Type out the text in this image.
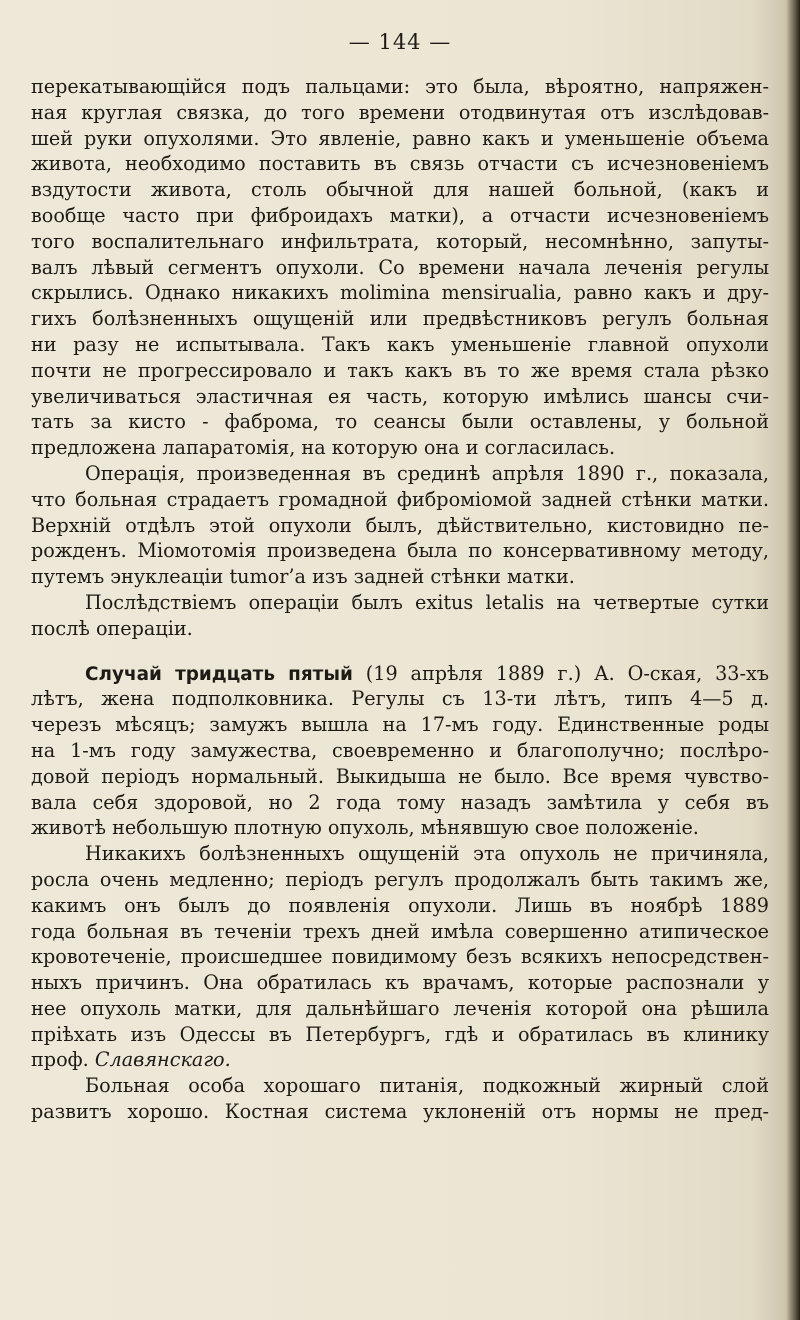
— 144 —
перекатывающійся подъ пальцами: это была, вѣроятно, напряжен-
ная круглая связка, до того времени отодвинутая отъ изслѣдовав-
шей руки опухолями. Это явленіе, равно какъ и уменьшеніе объема
живота, необходимо поставить въ связь отчасти съ исчезновеніемъ
вздутости живота, столь обычной для нашей больной, (какъ и
вообще часто при фиброидахъ матки), а отчасти исчезновеніемъ
того воспалительнаго инфильтрата, который, несомнѣнно, запуты-
валъ лѣвый сегментъ опухоли. Со времени начала леченія регулы
скрылись. Однако никакихъ molimina mensirualia, равно какъ и дру-
гихъ болѣзненныхъ ощущеній или предвѣстниковъ регулъ больная
ни разу не испытывала. Такъ какъ уменьшеніе главной опухоли
почти не прогрессировало и такъ какъ въ то же время стала рѣзко
увеличиваться эластичная ея часть, которую имѣлись шансы счи-
тать за кисто - фаброма, то сеансы были оставлены, у больной
предложена лапаратомія, на которую она и согласилась.
Операція, произведенная въ срединѣ апрѣля 1890 г., показала,
что больная страдаетъ громадной фиброміомой задней стѣнки матки.
Верхній отдѣлъ этой опухоли былъ, дѣйствительно, кистовидно пе-
рожденъ. Міомотомія произведена была по консервативному методу,
путемъ энуклеаціи tumor’a изъ задней стѣнки матки.
Послѣдствіемъ операціи былъ exitus letalis на четвертые сутки
послѣ операціи.
Случай тридцать пятый (19 апрѣля 1889 г.) А. О-ская, 33-хъ
лѣтъ, жена подполковника. Регулы съ 13-ти лѣтъ, типъ 4—5 д.
черезъ мѣсяцъ; замужъ вышла на 17-мъ году. Единственные роды
на 1-мъ году замужества, своевременно и благополучно; послѣро-
довой періодъ нормальный. Выкидыша не было. Все время чувство-
вала себя здоровой, но 2 года тому назадъ замѣтила у себя въ
животѣ небольшую плотную опухоль, мѣнявшую свое положеніе.
Никакихъ болѣзненныхъ ощущеній эта опухоль не причиняла,
росла очень медленно; періодъ регулъ продолжалъ быть такимъ же,
какимъ онъ былъ до появленія опухоли. Лишь въ ноябрѣ 1889
года больная въ теченіи трехъ дней имѣла совершенно атипическое
кровотеченіе, происшедшее повидимому безъ всякихъ непосредствен-
ныхъ причинъ. Она обратилась къ врачамъ, которые распознали у
нее опухоль матки, для дальнѣйшаго леченія которой она рѣшила
пріѣхать изъ Одессы въ Петербургъ, гдѣ и обратилась въ клинику
проф. Славянскаго.
Больная особа хорошаго питанія, подкожный жирный слой
развитъ хорошо. Костная система уклоненій отъ нормы не пред-
